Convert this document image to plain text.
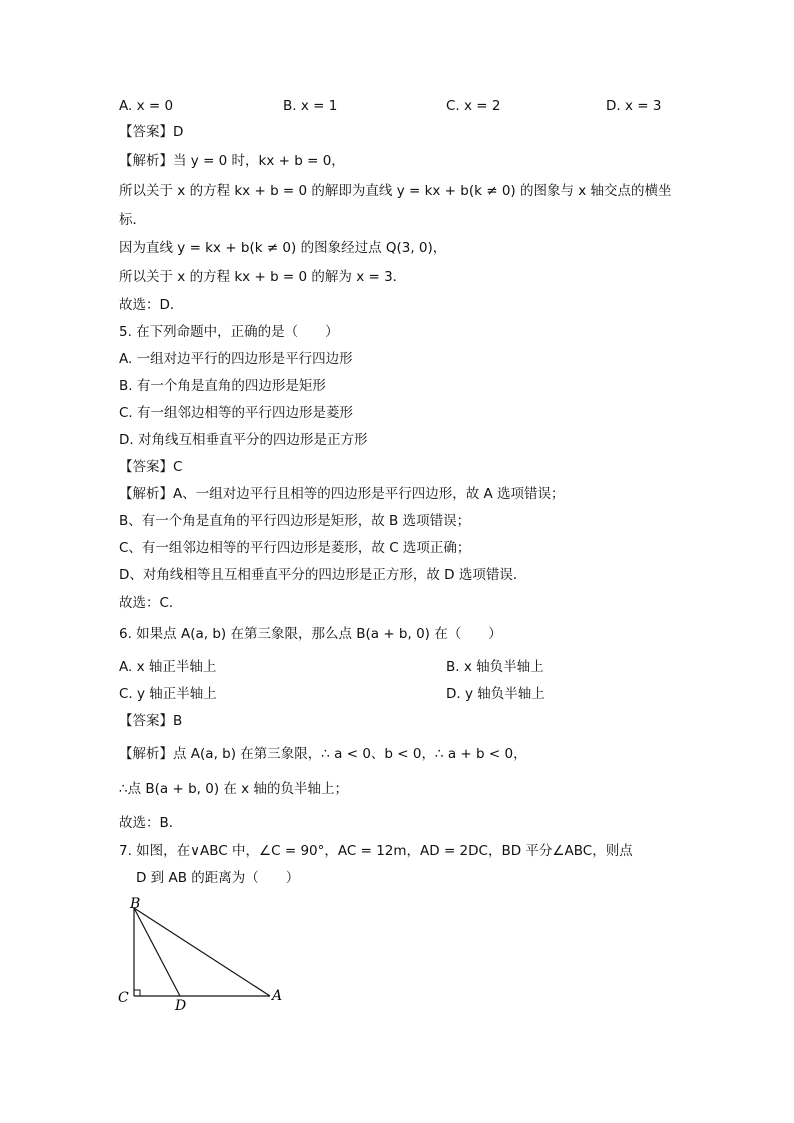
A. x = 0	B. x = 1	C. x = 2	D. x = 3
【答案】D
【解析】当 y = 0 时，kx + b = 0，
所以关于 x 的方程 kx + b = 0 的解即为直线 y = kx + b(k ≠ 0) 的图象与 x 轴交点的横坐
标．
因为直线 y = kx + b(k ≠ 0) 的图象经过点 Q(3, 0)，
所以关于 x 的方程 kx + b = 0 的解为 x = 3．
故选：D．
5. 在下列命题中，正确的是（　　）
A. 一组对边平行的四边形是平行四边形
B. 有一个角是直角的四边形是矩形
C. 有一组邻边相等的平行四边形是菱形
D. 对角线互相垂直平分的四边形是正方形
【答案】C
【解析】A、一组对边平行且相等的四边形是平行四边形，故 A 选项错误；
B、有一个角是直角的平行四边形是矩形，故 B 选项错误；
C、有一组邻边相等的平行四边形是菱形，故 C 选项正确；
D、对角线相等且互相垂直平分的四边形是正方形，故 D 选项错误．
故选：C．
6. 如果点 A(a, b) 在第三象限，那么点 B(a + b, 0) 在（　　）
A. x 轴正半轴上	B. x 轴负半轴上
C. y 轴正半轴上	D. y 轴负半轴上
【答案】B
【解析】点 A(a, b) 在第三象限，∴ a < 0、b < 0，∴ a + b < 0，
∴点 B(a + b, 0) 在 x 轴的负半轴上；
故选：B．
7. 如图，在∨ABC 中，∠C = 90°，AC = 12m，AD = 2DC，BD 平分∠ABC，则点
D 到 AB 的距离为（　　）
B
C	D
A
